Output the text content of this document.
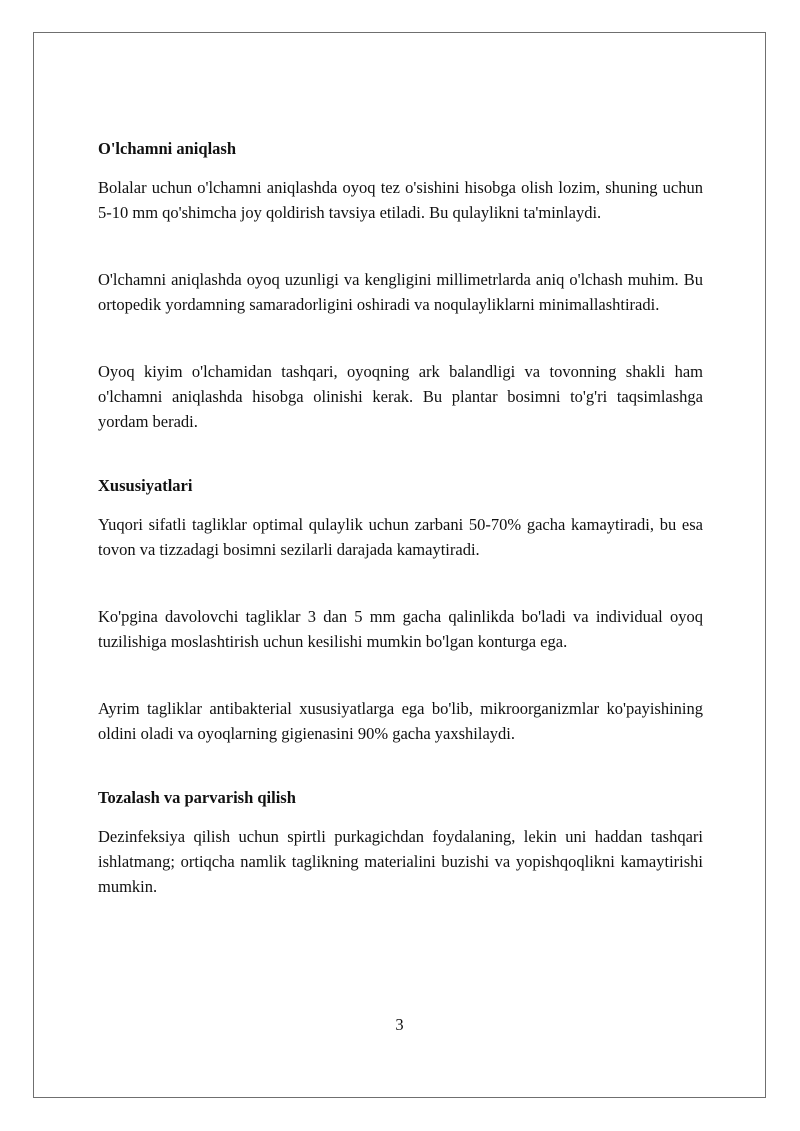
O'lchamni aniqlash

Bolalar uchun o'lchamni aniqlashda oyoq tez o'sishini hisobga olish lozim, shuning uchun 5-10 mm qo'shimcha joy qoldirish tavsiya etiladi. Bu qulaylikni ta'minlaydi.

O'lchamni aniqlashda oyoq uzunligi va kengligini millimetrlarda aniq o'lchash muhim. Bu ortopedik yordamning samaradorligini oshiradi va noqulayliklarni minimallashtiradi.

Oyoq kiyim o'lchamidan tashqari, oyoqning ark balandligi va tovonning shakli ham o'lchamni aniqlashda hisobga olinishi kerak. Bu plantar bosimni to'g'ri taqsimlashga yordam beradi.

Xususiyatlari

Yuqori sifatli tagliklar optimal qulaylik uchun zarbani 50-70% gacha kamaytiradi, bu esa tovon va tizzadagi bosimni sezilarli darajada kamaytiradi.

Ko'pgina davolovchi tagliklar 3 dan 5 mm gacha qalinlikda bo'ladi va individual oyoq tuzilishiga moslashtirish uchun kesilishi mumkin bo'lgan konturga ega.

Ayrim tagliklar antibakterial xususiyatlarga ega bo'lib, mikroorganizmlar ko'payishining oldini oladi va oyoqlarning gigienasini 90% gacha yaxshilaydi.

Tozalash va parvarish qilish

Dezinfeksiya qilish uchun spirtli purkagichdan foydalaning, lekin uni haddan tashqari ishlatmang; ortiqcha namlik taglikning materialini buzishi va yopishqoqlikni kamaytirishi mumkin.

3
